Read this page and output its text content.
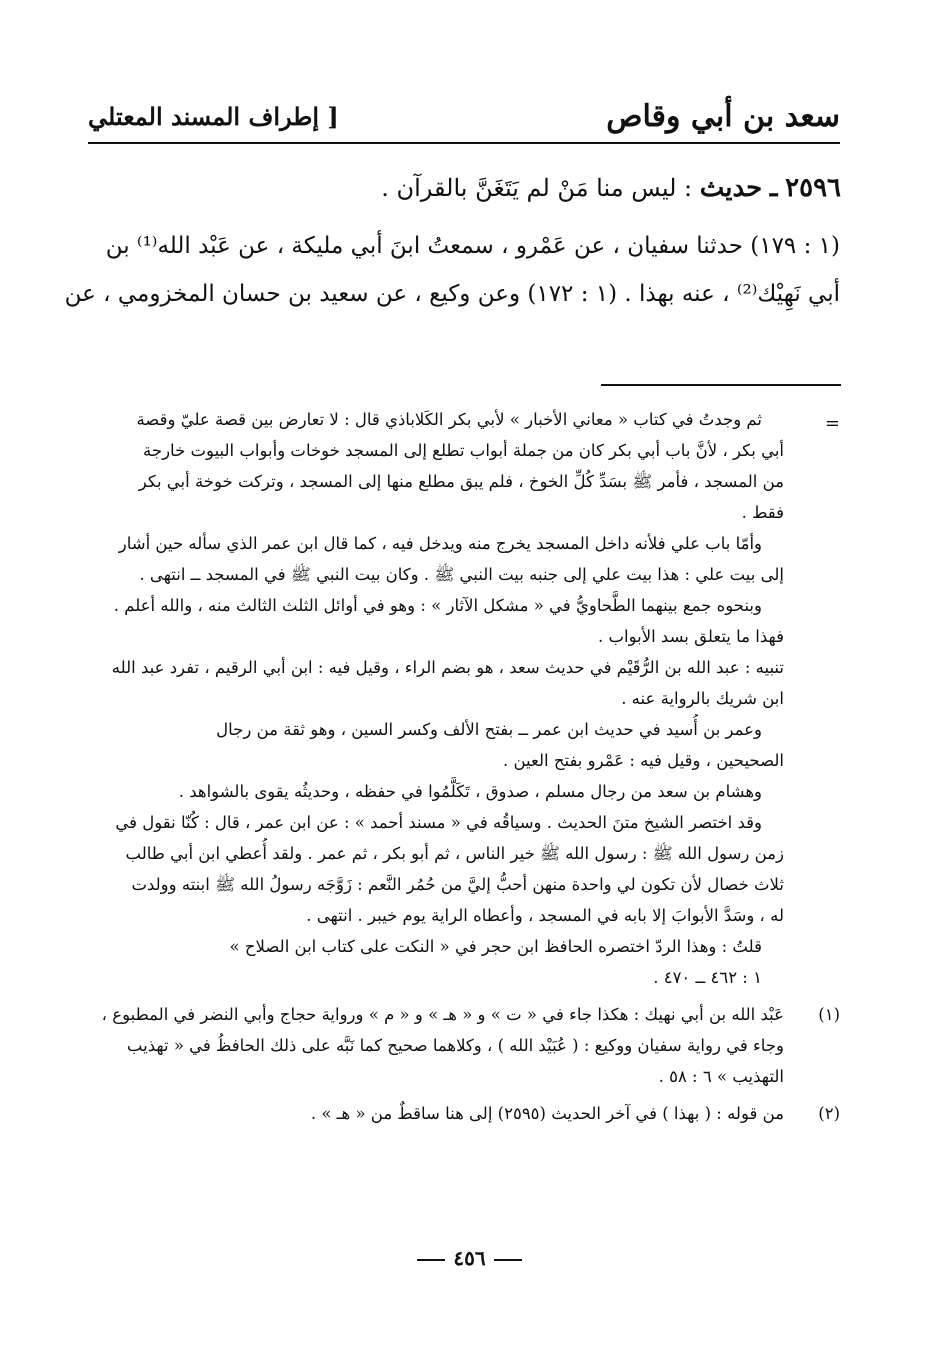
سعد بن أبي وقاص
[ إطراف المسند المعتلي
٢٥٩٦ ـ حديث : ليس منا مَنْ لم يَتَغَنَّ بالقرآن .

(١ : ١٧٩) حدثنا سفيان ، عن عَمْرو ، سمعتُ ابنَ أبي مليكة ، عن عَبْد الله⁽¹⁾ بن

أبي نَهِيْك⁽²⁾ ، عنه بهذا . (١ : ١٧٢) وعن وكيع ، عن سعيد بن حسان المخزومي ، عن

=

ثم وجدتُ في كتاب « معاني الأخبار » لأبي بكر الكَلاباذي قال : لا تعارض بين قصة عليّ وقصة

أبي بكر ، لأنَّ باب أبي بكر كان من جملة أبواب تطلع إلى المسجد خوخات وأبواب البيوت خارجة

من المسجد ، فأمر ﷺ بسَدِّ كُلِّ الخوخ ، فلم يبق مطلع منها إلى المسجد ، وتركت خوخة أبي بكر

فقط .

وأمّا باب علي فلأنه داخل المسجد يخرج منه ويدخل فيه ، كما قال ابن عمر الذي سأله حين أشار

إلى بيت علي : هذا بيت علي إلى جنبه بيت النبي ﷺ . وكان بيت النبي ﷺ في المسجد ــ انتهى .

وبنحوه جمع بينهما الطَّحاويُّ في « مشكل الآثار » : وهو في أوائل الثلث الثالث منه ، والله أعلم .

فهذا ما يتعلق بسد الأبواب .

تنبيه : عبد الله بن الرُّقَيْم في حديث سعد ، هو بضم الراء ، وقيل فيه : ابن أبي الرقيم ، تفرد عبد الله

ابن شريك بالرواية عنه .

وعمر بن أُسيد في حديث ابن عمر ــ بفتح الألف وكسر السين ، وهو ثقة من رجال

الصحيحين ، وقيل فيه : عَمْرو بفتح العين .

وهشام بن سعد من رجال مسلم ، صدوق ، تَكَلَّمُوا في حفظه ، وحديثُه يقوى بالشواهد .

وقد اختصر الشيخ متنَ الحديث . وسياقُه في « مسند أحمد » : عن ابن عمر ، قال : كُنّا نقول في

زمن رسول الله ﷺ : رسول الله ﷺ خير الناس ، ثم أبو بكر ، ثم عمر . ولقد أُعطي ابن أبي طالب

ثلاث خصال لأن تكون لي واحدة منهن أحبُّ إليَّ من حُمُر النَّعم : زَوَّجَه رسولُ الله ﷺ ابنته وولدت

له ، وسَدَّ الأبوابَ إلا بابه في المسجد ، وأعطاه الراية يوم خيبر . انتهى .

قلتُ : وهذا الردّ اختصره الحافظ ابن حجر في « النكت على كتاب ابن الصلاح »

١ : ٤٦٢ ــ ٤٧٠ .

(١)

عَبْد الله بن أبي نهيك : هكذا جاء في « ت » و « هـ » و « م » ورواية حجاج وأبي النضر في المطبوع ،

وجاء في رواية سفيان ووكيع : ( عُبَيْد الله ) ، وكلاهما صحيح كما نَبَّه على ذلك الحافظُ في « تهذيب

التهذيب » ٦ : ٥٨ .

(٢)

من قوله : ( بهذا ) في آخر الحديث (٢٥٩٥) إلى هنا ساقطٌ من « هـ » .

٤٥٦
